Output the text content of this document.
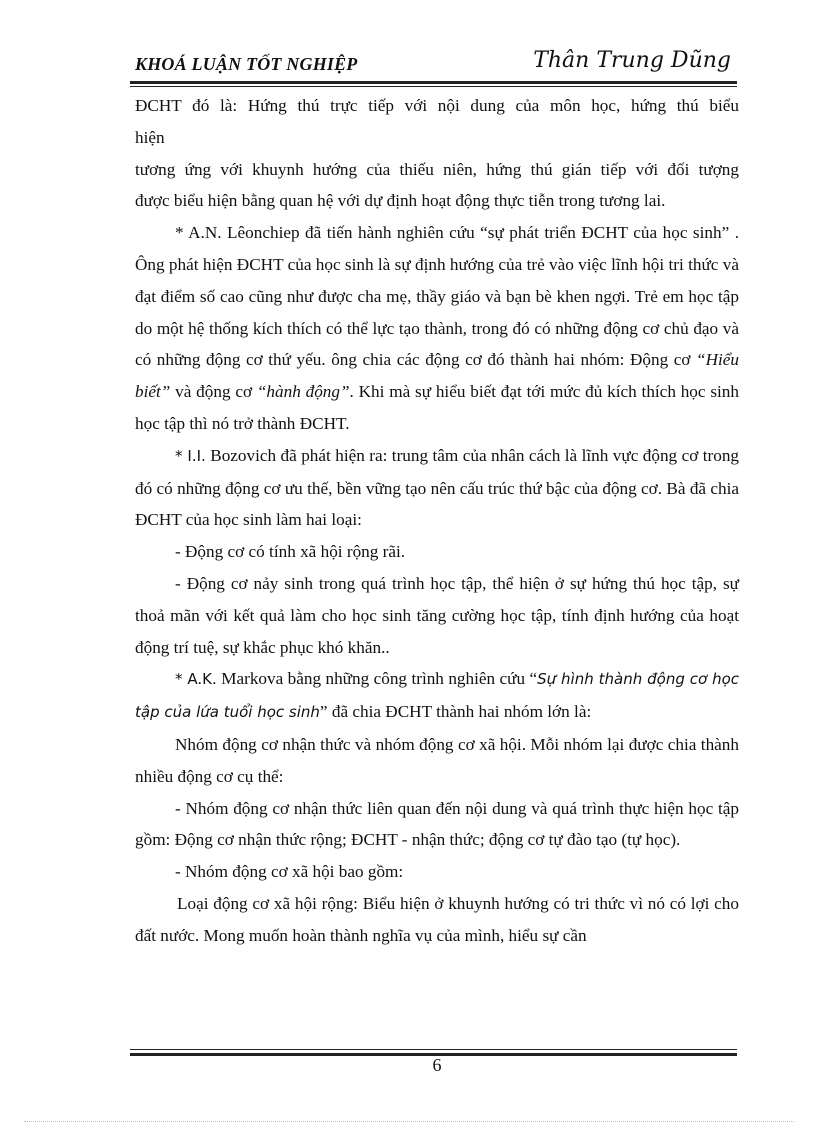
KHOÁ LUẬN TỐT NGHIỆP	Thân Trung Dũng

ĐCHT đó là: Hứng thú trực tiếp với nội dung của môn học, hứng thú biểu

hiện

tương ứng với khuynh hướng của thiếu niên, hứng thú gián tiếp với đối tượng

được biểu hiện bằng quan hệ với dự định hoạt động thực tiễn trong tương lai.

* A.N. Lêonchiep đã tiến hành nghiên cứu “sự phát triển ĐCHT của học sinh” . Ông phát hiện ĐCHT của học sinh là sự định hướng của trẻ vào việc lĩnh hội tri thức và đạt điểm số cao cũng như được cha mẹ, thầy giáo và bạn bè khen ngợi. Trẻ em học tập do một hệ thống kích thích có thể lực tạo thành, trong đó có những động cơ chủ đạo và có những động cơ thứ yếu. ông chia các động cơ đó thành hai nhóm: Động cơ “Hiểu biết” và động cơ “hành động”. Khi mà sự hiểu biết đạt tới mức đủ kích thích học sinh học tập thì nó trở thành ĐCHT.

* I.I. Bozovich đã phát hiện ra: trung tâm của nhân cách là lĩnh vực động cơ trong đó có những động cơ ưu thế, bền vững tạo nên cấu trúc thứ bậc của động cơ. Bà đã chia ĐCHT của học sinh làm hai loại:

- Động cơ có tính xã hội rộng rãi.

- Động cơ nảy sinh trong quá trình học tập, thể hiện ở sự hứng thú học tập, sự thoả mãn với kết quả làm cho học sinh tăng cường học tập, tính định hướng của hoạt động trí tuệ, sự khắc phục khó khăn..

* A.K. Markova bằng những công trình nghiên cứu “Sự hình thành động cơ học tập của lứa tuổi học sinh” đã chia ĐCHT thành hai nhóm lớn là:

Nhóm động cơ nhận thức và nhóm động cơ xã hội. Mỗi nhóm lại được chia thành nhiều động cơ cụ thể:

- Nhóm động cơ nhận thức liên quan đến nội dung và quá trình thực hiện học tập gồm: Động cơ nhận thức rộng; ĐCHT - nhận thức; động cơ tự đào tạo (tự học).

- Nhóm động cơ xã hội bao gồm:

Loại động cơ xã hội rộng: Biểu hiện ở khuynh hướng có tri thức vì nó có lợi cho đất nước. Mong muốn hoàn thành nghĩa vụ của mình, hiểu sự cần

6
